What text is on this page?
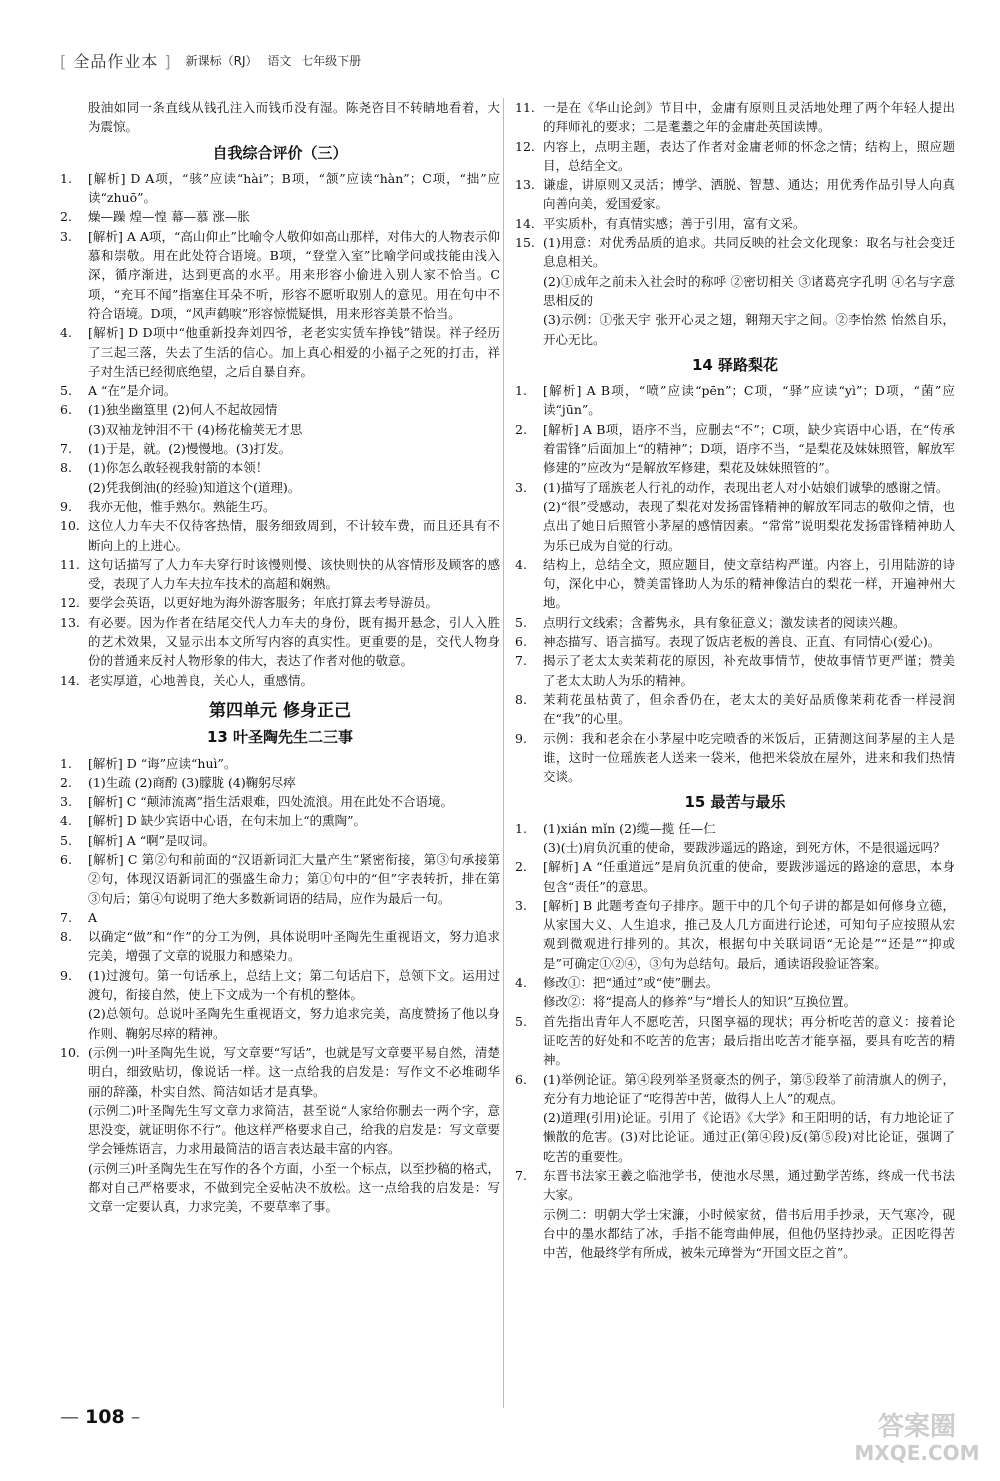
[ 全品作业本 ] 新课标（RJ） 语文 七年级下册
股油如同一条直线从钱孔注入而钱币没有湿。陈尧咨目不转睛地看着，大为震惊。
自我综合评价（三）
1.	[解析] D A项，“骇”应读“hài”；B项，“颔”应读“hàn”；C项，“拙”应读“zhuō”。
2.	燥—躁 煌—惶 幕—慕 涨—胀
3.	[解析] A A项，“高山仰止”比喻令人敬仰如高山那样，对伟大的人物表示仰慕和崇敬。用在此处符合语境。B项，“登堂入室”比喻学问或技能由浅入深，循序渐进，达到更高的水平。用来形容小偷进入别人家不恰当。C项，“充耳不闻”指塞住耳朵不听，形容不愿听取别人的意见。用在句中不符合语境。D项，“风声鹤唳”形容惊慌疑惧，用来形容美景不恰当。
4.	[解析] D D项中“他重新投奔刘四爷，老老实实赁车挣钱”错误。祥子经历了三起三落，失去了生活的信心。加上真心相爱的小福子之死的打击，祥子对生活已经彻底绝望，之后自暴自弃。
5.	A “在”是介词。
6.	(1)独坐幽篁里 (2)何人不起故园情
(3)双袖龙钟泪不干 (4)杨花榆荚无才思
7.	(1)于是，就。(2)慢慢地。(3)打发。
8.	(1)你怎么敢轻视我射箭的本领！
(2)凭我倒油(的经验)知道这个(道理)。
9.	我亦无他，惟手熟尔。熟能生巧。
10. 这位人力车夫不仅待客热情，服务细致周到，不计较车费，而且还具有不断向上的上进心。
11. 这句话描写了人力车夫穿行时该慢则慢、该快则快的从容情形及顾客的感受，表现了人力车夫拉车技术的高超和娴熟。
12. 要学会英语，以更好地为海外游客服务；年底打算去考导游员。
13. 有必要。因为作者在结尾交代人力车夫的身份，既有揭开悬念，引人入胜的艺术效果，又显示出本文所写内容的真实性。更重要的是，交代人物身份的普通来反衬人物形象的伟大，表达了作者对他的敬意。
14. 老实厚道，心地善良，关心人，重感情。
第四单元 修身正己
13 叶圣陶先生二三事
1.	[解析] D “诲”应读“huì”。
2.	(1)生疏 (2)商酌 (3)朦胧 (4)鞠躬尽瘁
3.	[解析] C “颠沛流离”指生活艰难，四处流浪。用在此处不合语境。
4.	[解析] D 缺少宾语中心语，在句末加上“的熏陶”。
5.	[解析] A “啊”是叹词。
6.	[解析] C 第②句和前面的“汉语新词汇大量产生”紧密衔接，第③句承接第②句，体现汉语新词汇的强盛生命力；第①句中的“但”字表转折，排在第③句后；第④句说明了绝大多数新词语的结局，应作为最后一句。
7.	A
8.	以确定“做”和“作”的分工为例，具体说明叶圣陶先生重视语文，努力追求完美，增强了文章的说服力和感染力。
9.	(1)过渡句。第一句话承上，总结上文；第二句话启下，总领下文。运用过渡句，衔接自然，使上下文成为一个有机的整体。
(2)总领句。总说叶圣陶先生重视语文，努力追求完美，高度赞扬了他以身作则、鞠躬尽瘁的精神。
10. (示例一)叶圣陶先生说，写文章要“写话”，也就是写文章要平易自然，清楚明白，细致贴切，像说话一样。这一点给我的启发是：写作文不必堆砌华丽的辞藻，朴实自然、简洁如话才是真挚。
(示例二)叶圣陶先生写文章力求简洁，甚至说“人家给你删去一两个字，意思没变，就证明你不行”。他这样严格要求自己，给我的启发是：写文章要学会锤炼语言，力求用最简洁的语言表达最丰富的内容。
(示例三)叶圣陶先生在写作的各个方面，小至一个标点，以至抄稿的格式，都对自己严格要求，不做到完全妥帖决不放松。这一点给我的启发是：写文章一定要认真，力求完美，不要草率了事。
11. 一是在《华山论剑》节目中，金庸有原则且灵活地处理了两个年轻人提出的拜师礼的要求；二是耄耋之年的金庸赴英国读博。
12. 内容上，点明主题，表达了作者对金庸老师的怀念之情；结构上，照应题目，总结全文。
13. 谦虚，讲原则又灵活；博学、洒脱、智慧、通达；用优秀作品引导人向真向善向美，爱国爱家。
14. 平实质朴，有真情实感；善于引用，富有文采。
15. (1)用意：对优秀品质的追求。共同反映的社会文化现象：取名与社会变迁息息相关。
(2)①成年之前未入社会时的称呼 ②密切相关 ③诸葛亮字孔明 ④名与字意思相反的
(3)示例：①张天宇 张开心灵之翅，翱翔天宇之间。②李怡然 怡然自乐，开心无比。
14 驿路梨花
1.	[解析] A B项，“喷”应读“pēn”；C项，“驿”应读“yì”；D项，“菌”应读“jūn”。
2.	[解析] A B项，语序不当，应删去“不”；C项，缺少宾语中心语，在“传承着雷锋”后面加上“的精神”；D项，语序不当，“是梨花及妹妹照管，解放军修建的”应改为“是解放军修建，梨花及妹妹照管的”。
3.	(1)描写了瑶族老人行礼的动作，表现出老人对小姑娘们诚挚的感谢之情。
(2)“很”受感动，表现了梨花对发扬雷锋精神的解放军同志的敬仰之情，也点出了她日后照管小茅屋的感情因素。“常常”说明梨花发扬雷锋精神助人为乐已成为自觉的行动。
4.	结构上，总结全文，照应题目，使文章结构严谨。内容上，引用陆游的诗句，深化中心，赞美雷锋助人为乐的精神像洁白的梨花一样，开遍神州大地。
5.	点明行文线索；含蓄隽永，具有象征意义；激发读者的阅读兴趣。
6.	神态描写、语言描写。表现了饭店老板的善良、正直、有同情心(爱心)。
7.	揭示了老太太卖茉莉花的原因，补充故事情节，使故事情节更严谨；赞美了老太太助人为乐的精神。
8.	茉莉花虽枯黄了，但余香仍在，老太太的美好品质像茉莉花香一样浸润在“我”的心里。
9.	示例：我和老余在小茅屋中吃完喷香的米饭后，正猜测这间茅屋的主人是谁，这时一位瑶族老人送来一袋米，他把米袋放在屋外，进来和我们热情交谈。
15 最苦与最乐
1.	(1)xián mǐn (2)缆—揽 任—仁
(3)(士)肩负沉重的使命，要跋涉遥远的路途，到死方休，不是很遥远吗？
2.	[解析] A “任重道远”是肩负沉重的使命，要跋涉遥远的路途的意思，本身包含“责任”的意思。
3.	[解析] B 此题考查句子排序。题干中的几个句子讲的都是如何修身立德，从家国大义、人生追求，推己及人几方面进行论述，可知句子应按照从宏观到微观进行排列的。其次，根据句中关联词语“无论是”“还是”“抑或是”可确定①②④，③句为总结句。最后，通读语段验证答案。
4.	修改①：把“通过”或“使”删去。
修改②：将“提高人的修养”与“增长人的知识”互换位置。
5.	首先指出青年人不愿吃苦，只图享福的现状；再分析吃苦的意义：接着论证吃苦的好处和不吃苦的危害；最后指出吃苦才能享福，要具有吃苦的精神。
6.	(1)举例论证。第④段列举圣贤豪杰的例子，第⑤段举了前清旗人的例子，充分有力地论证了“吃得苦中苦，做得人上人”的观点。
(2)道理(引用)论证。引用了《论语》《大学》和王阳明的话，有力地论证了懒散的危害。(3)对比论证。通过正(第④段)反(第⑤段)对比论证，强调了吃苦的重要性。
7.	东晋书法家王羲之临池学书，使池水尽黑，通过勤学苦练，终成一代书法大家。
示例二：明朝大学士宋濂，小时候家贫，借书后用手抄录，天气寒冷，砚台中的墨水都结了冰，手指不能弯曲伸展，但他仍坚持抄录。正因吃得苦中苦，他最终学有所成，被朱元璋誉为“开国文臣之首”。
— 108 –	答案圈
MXQE.COM
